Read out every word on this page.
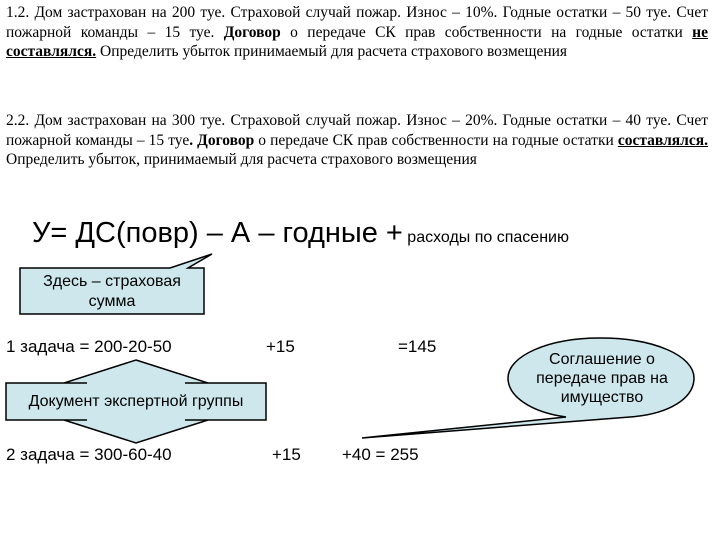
1.2. Дом застрахован на 200 туе. Страховой случай пожар. Износ – 10%. Годные остатки – 50 туе. Счет пожарной команды – 15 туе. Договор о передаче СК прав собственности на годные остатки не составлялся. Определить убыток принимаемый для расчета страхового возмещения

2.2. Дом застрахован на 300 туе. Страховой случай пожар. Износ – 20%. Годные остатки – 40 туе. Счет пожарной команды – 15 туе. Договор о передаче СК прав собственности на годные остатки составлялся. Определить убыток, принимаемый для расчета страхового возмещения

У= ДС(повр) – А – годные + расходы по спасению
Здесь – страховая сумма
Соглашение о передаче прав на имущество
Документ экспертной группы
1 задача = 200-20-50	+15	=145
2 задача = 300-60-40	+15 +40 = 255
